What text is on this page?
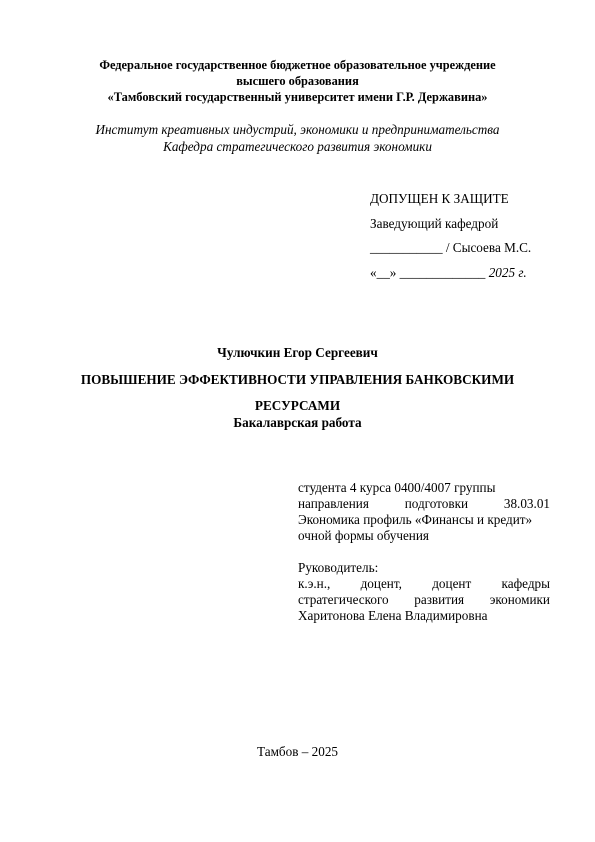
Федеральное государственное бюджетное образовательное учреждение
высшего образования
«Тамбовский государственный университет имени Г.Р. Державина»
Институт креативных индустрий, экономики и предпринимательства
Кафедра стратегического развития экономики
ДОПУЩЕН К ЗАЩИТЕ
Заведующий кафедрой
___________ / Сысоева М.С.
«__» _____________ 2025 г.
Чулючкин Егор Сергеевич
ПОВЫШЕНИЕ ЭФФЕКТИВНОСТИ УПРАВЛЕНИЯ БАНКОВСКИМИ
РЕСУРСАМИ
Бакалаврская работа
студента 4 курса 0400/4007 группы
направления	подготовки	38.03.01
Экономика профиль «Финансы и кредит»
очной формы обучения
Руководитель:
к.э.н., доцент, доцент кафедры
стратегического развития экономики
Харитонова Елена Владимировна
Тамбов – 2025
